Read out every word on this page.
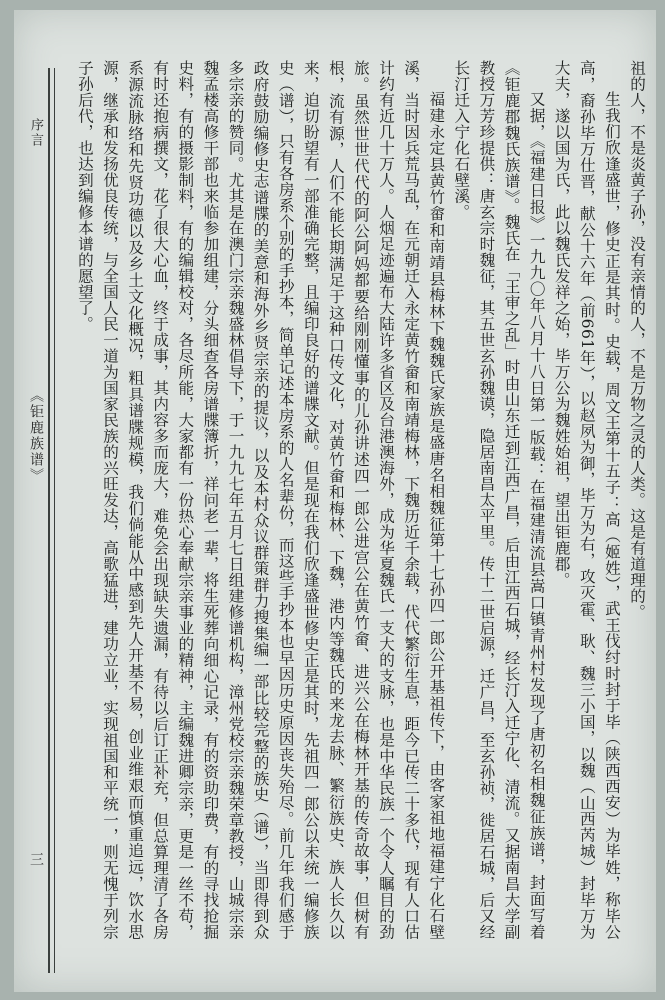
序言
《钜鹿族谱》
三

祖的人，不是炎黄子孙，没有亲情的人，不是万物之灵的人类。这是有道理的。

生我们欣逢盛世，修史正是其时。史载，周文王第十五子：高（姬姓），武王伐纣时封于毕（陕西西安）为毕姓，称毕公高，裔孙毕万仕晋，献公十六年（前661年），以赵夙为御，毕万为右，攻灭霍、耿、魏三小国，以魏（山西芮城）封毕万为大夫，遂以国为氏，此以魏氏发祥之始，毕万公为魏姓始祖，望出钜鹿郡。

又据，《福建日报》一九九〇年八月十八日第一版载：在福建清流县嵩口镇青州村发现了唐初名相魏征族谱，封面写着《钜鹿郡魏氏族谱》。魏氏在「王审之乱」时由山东迁到江西广昌，后由江西石城，经长汀入迁宁化、清流。又据南昌大学副教授万芳珍提供：唐玄宗时魏征，其五世玄孙魏谟，隐居南昌太平里。传十二世启源，迁广昌，至玄孙祯，徙居石城，后又经长汀迁入宁化石壁溪。

福建永定县黄竹畲和南靖县梅林下魏魏氏家族是盛唐名相魏征第十七孙四一郎公开基祖传下，由客家祖地福建宁化石壁溪，当时因兵荒马乱，在元朝迁入永定黄竹畲和南靖梅林，下魏历近千余载，代代繁衍生息，距今已传二十多代，现有人口估计约有近几十万人。人烟足迹遍布大陆许多省区及台港澳海外，成为华夏魏氏一支大的支脉，也是中华民族一个令人瞩目的劲旅。虽然世世代代的阿公阿妈都要给刚刚懂事的儿孙讲述四一郎公进宫公在黄竹畲、进兴公在梅林开基的传奇故事，但树有根，流有源，人们不能长期满足于这种口传文化，对黄竹畲和梅林、下魏，港内等魏氏的来龙去脉、繁衍族史、族人长久以来，迫切盼望有一部准确完整，且编印良好的谱牒文献。但是现在我们欣逢盛世修史正是其时，先祖四一郎公以未统一编修族史（谱），只有各房系个别的手抄本，简单记述本房系的人名辈份，而这些手抄本也早因历史原因丧失殆尽。前几年我们感于政府鼓励编修史志谱牒的美意和海外乡贤宗亲的提议，以及本村众议群策群力搜集编一部比较完整的族史（谱），当即得到众多宗亲的赞同。尤其是在澳门宗亲魏盛林倡导下，于一九九七年五月七日组建修谱机构，漳州党校宗亲魏荣章教授，山城宗亲魏孟楼高修干部也来临参加组建，分头细查各房谱牒簿折，祥问老一辈，将生死葬向细心记录，有的资助印费，有的寻找抢掘史料，有的摄影制料，有的编辑校对，各尽所能，大家都有一份热心奉献宗亲事业的精神，主编魏进卿宗亲，更是一丝不苟，有时还抱病撰文，花了很大心血，终于成事，其内容多而庞大，难免会出现缺失遗漏，有待以后订正补充，但总算理清了各房系源流脉络和先贤功德以及乡土文化概况，粗具谱牒规模，我们倘能从中感到先人开基不易，创业维艰而慎重追远，饮水思源，继承和发扬优良传统，与全国人民一道为国家民族的兴旺发达，高歌猛进，建功立业，实现祖国和平统一，则无愧于列宗子孙后代，也达到编修本谱的愿望了。
